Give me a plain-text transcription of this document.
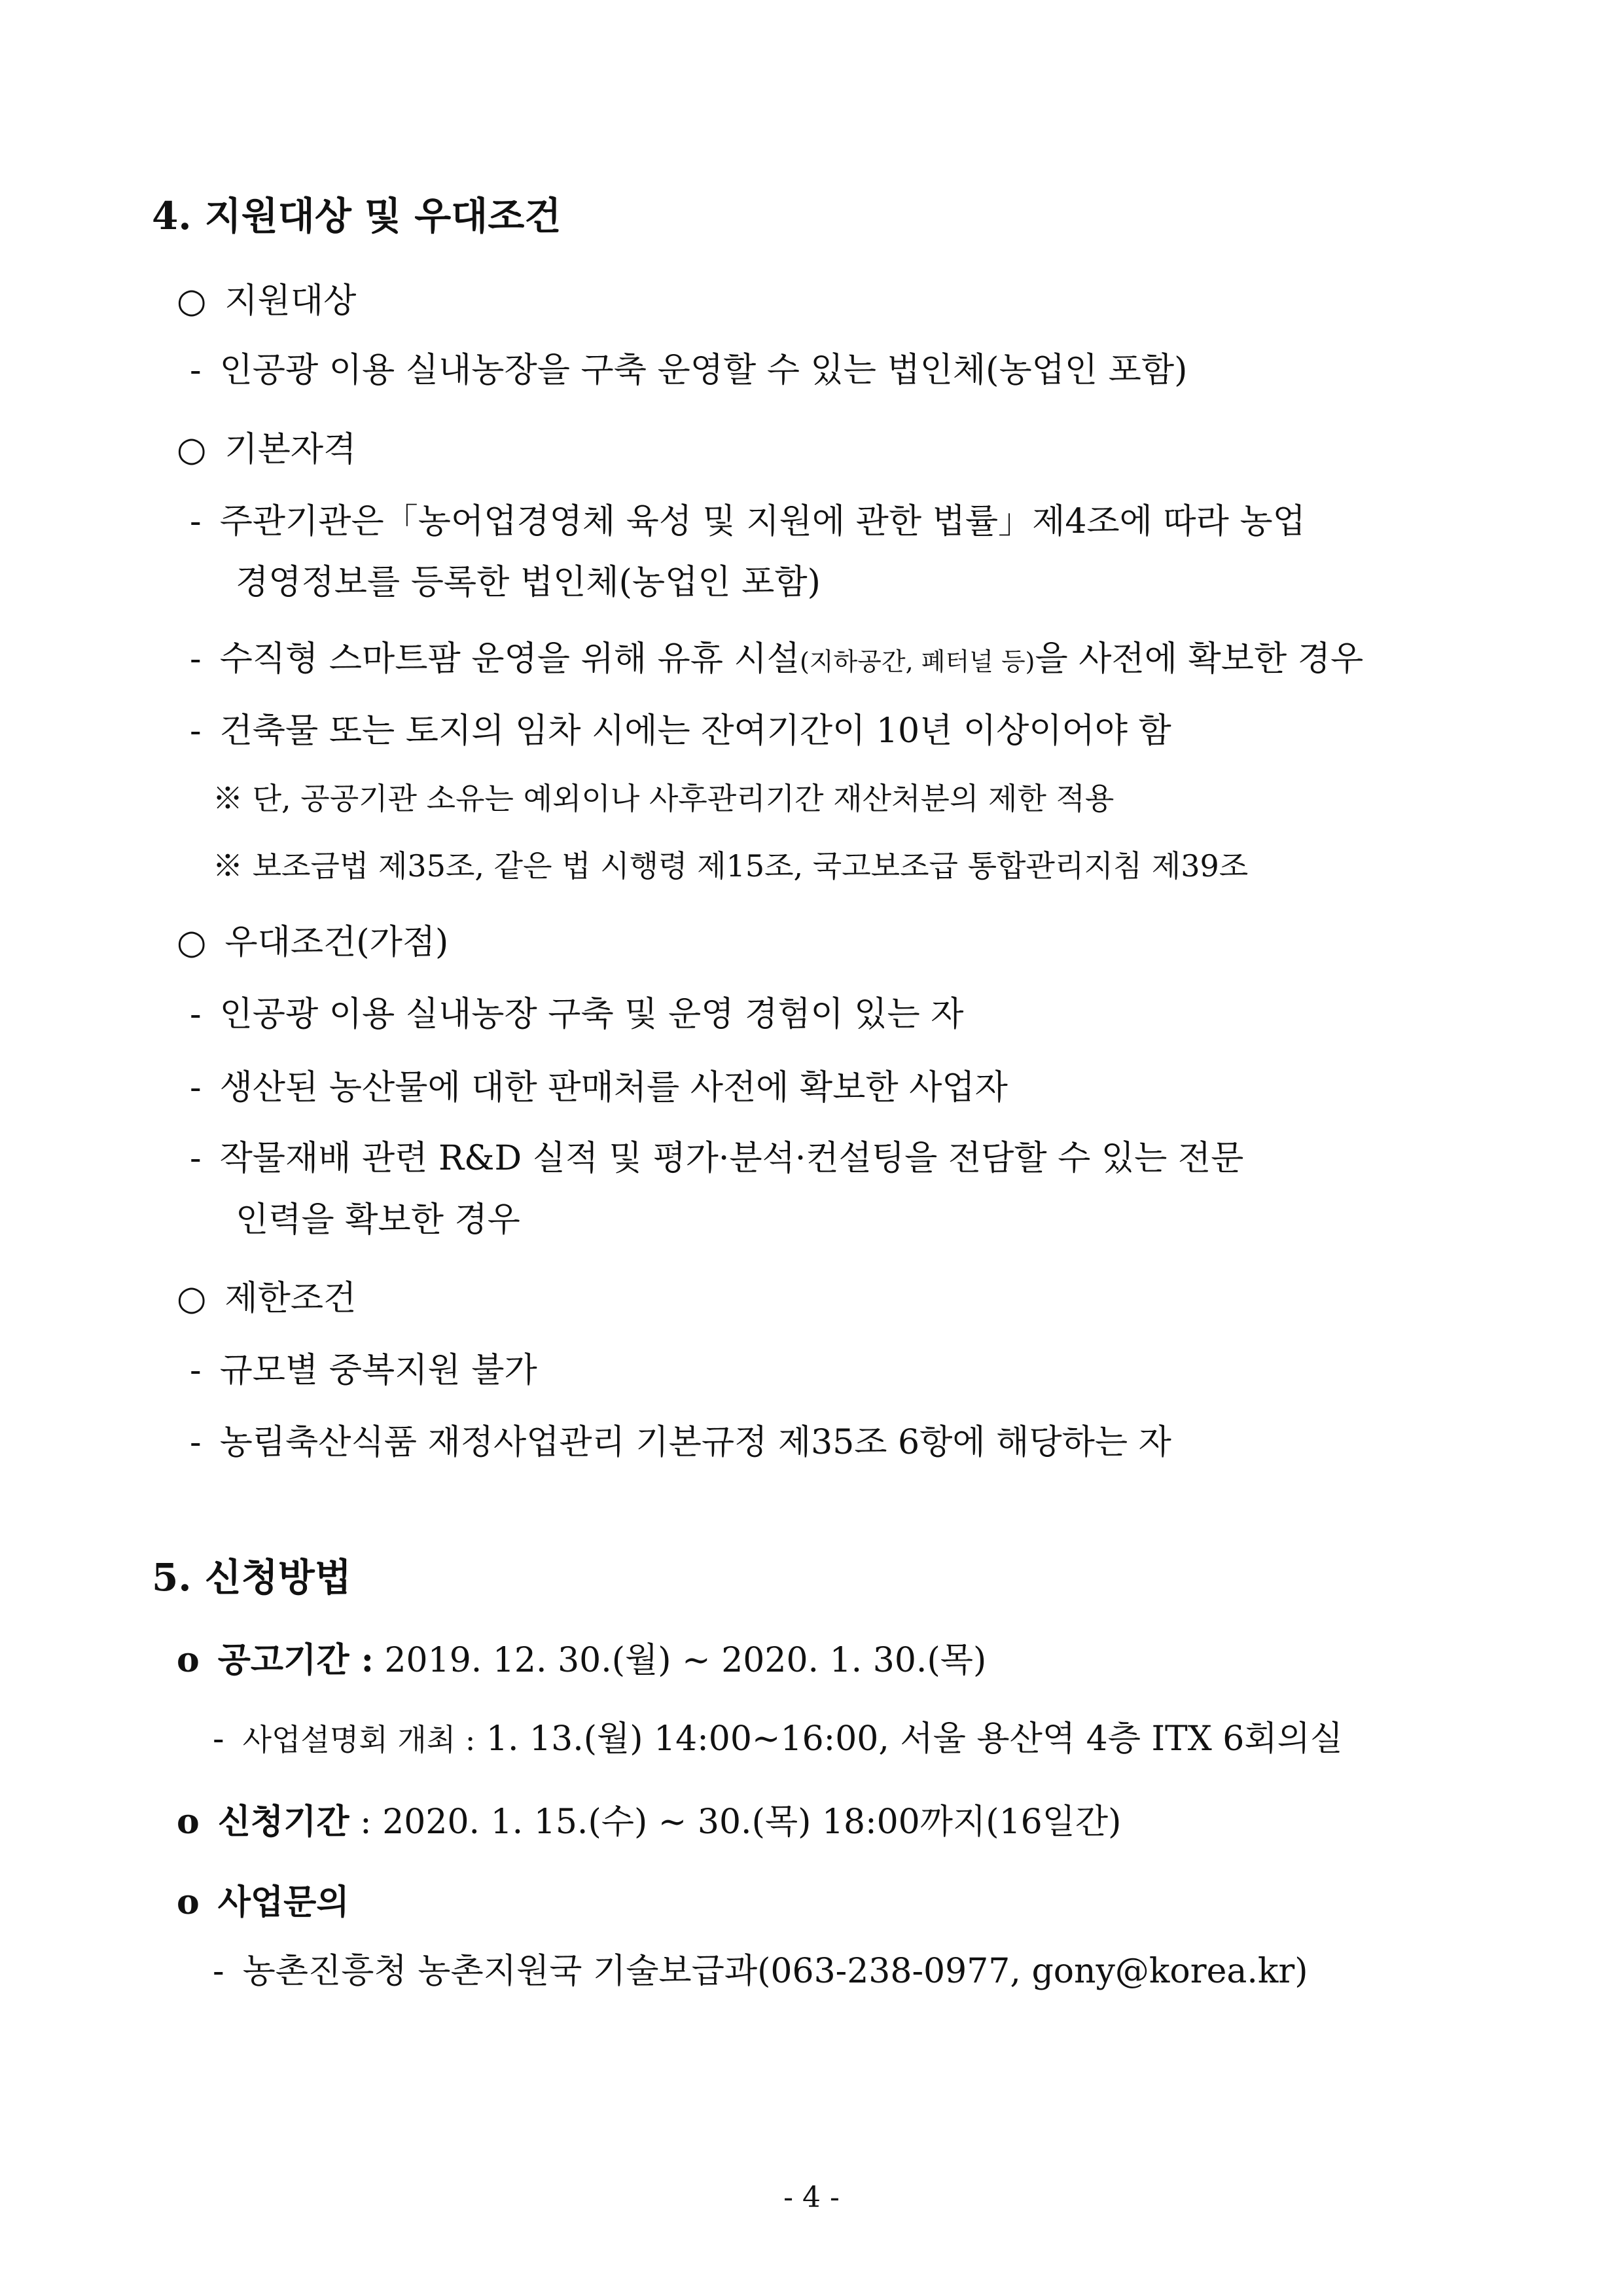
4. 지원대상 및 우대조건
○ 지원대상
- 인공광 이용 실내농장을 구축 운영할 수 있는 법인체(농업인 포함)
○ 기본자격
- 주관기관은「농어업경영체 육성 및 지원에 관한 법률」제4조에 따라 농업
경영정보를 등록한 법인체(농업인 포함)
- 수직형 스마트팜 운영을 위해 유휴 시설(지하공간, 폐터널 등)을 사전에 확보한 경우
- 건축물 또는 토지의 임차 시에는 잔여기간이 10년 이상이어야 함
※ 단, 공공기관 소유는 예외이나 사후관리기간 재산처분의 제한 적용
※ 보조금법 제35조, 같은 법 시행령 제15조, 국고보조급 통합관리지침 제39조
○ 우대조건(가점)
- 인공광 이용 실내농장 구축 및 운영 경험이 있는 자
- 생산된 농산물에 대한 판매처를 사전에 확보한 사업자
- 작물재배 관련 R&D 실적 및 평가·분석·컨설팅을 전담할 수 있는 전문
인력을 확보한 경우
○ 제한조건
- 규모별 중복지원 불가
- 농림축산식품 재정사업관리 기본규정 제35조 6항에 해당하는 자
5. 신청방법
o 공고기간 : 2019. 12. 30.(월) ~ 2020. 1. 30.(목)
- 사업설명회 개최 : 1. 13.(월) 14:00~16:00, 서울 용산역 4층 ITX 6회의실
o 신청기간 : 2020. 1. 15.(수) ~ 30.(목) 18:00까지(16일간)
o 사업문의
- 농촌진흥청 농촌지원국 기술보급과(063-238-0977, gony@korea.kr)
- 4 -
